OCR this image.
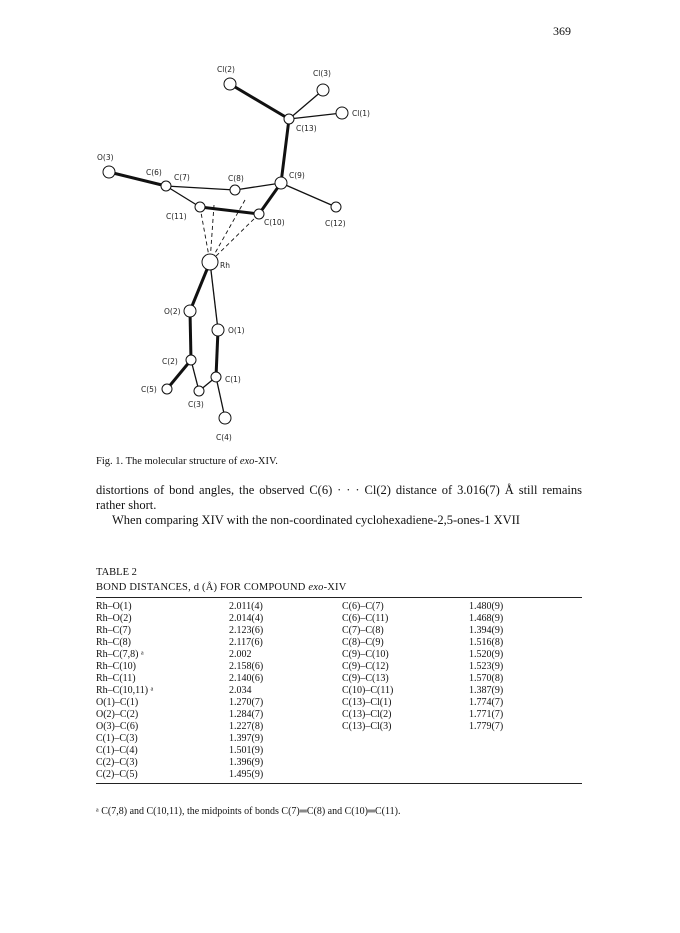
369
Cl(2)	Cl(3)
Cl(1)
C(13)
O(3)
C(6)
C(7)	C(8)	C(9)
C(11)
C(10)	C(12)
Rh
O(2)
O(1)
C(2)
C(1)
C(5)
C(3)
C(4)
Fig. 1. The molecular structure of exo-XIV.

distortions of bond angles, the observed C(6) · · · Cl(2) distance of 3.016(7) Å still remains rather short.

When comparing XIV with the non-coordinated cyclohexadiene-2,5-ones-1 XVII

TABLE 2
BOND DISTANCES, d (Å) FOR COMPOUND exo-XIV
Rh–O(1)	2.011(4)	C(6)–C(7)	1.480(9)
Rh–O(2)	2.014(4)	C(6)–C(11)	1.468(9)
Rh–C(7)	2.123(6)	C(7)–C(8)	1.394(9)
Rh–C(8)	2.117(6)	C(8)–C(9)	1.516(8)
Rh–C(7,8) ᵃ	2.002	C(9)–C(10)	1.520(9)
Rh–C(10)	2.158(6)	C(9)–C(12)	1.523(9)
Rh–C(11)	2.140(6)	C(9)–C(13)	1.570(8)
Rh–C(10,11) ᵃ	2.034	C(10)–C(11)	1.387(9)
O(1)–C(1)	1.270(7)	C(13)–Cl(1)	1.774(7)
O(2)–C(2)	1.284(7)	C(13)–Cl(2)	1.771(7)
O(3)–C(6)	1.227(8)	C(13)–Cl(3)	1.779(7)
C(1)–C(3)	1.397(9)		
C(1)–C(4)	1.501(9)		
C(2)–C(3)	1.396(9)		
C(2)–C(5)	1.495(9)		
ᵃ C(7,8) and C(10,11), the midpoints of bonds C(7)═C(8) and C(10)═C(11).
